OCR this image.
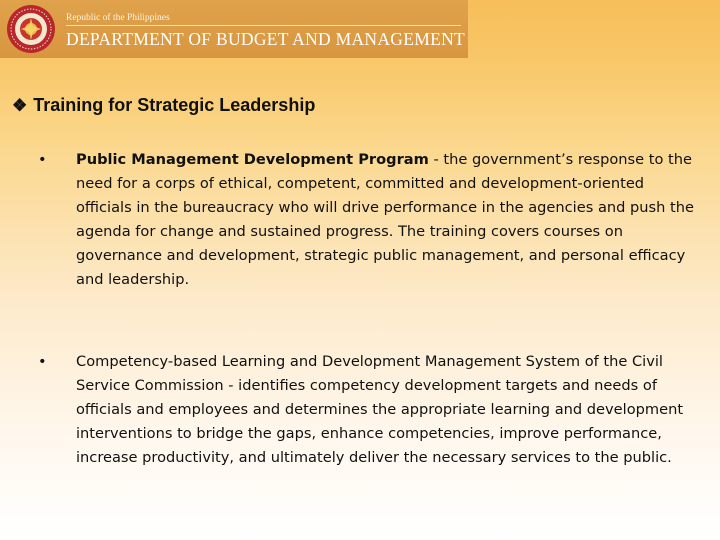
Republic of the Philippines
DEPARTMENT OF BUDGET AND MANAGEMENT
❖ Training for Strategic Leadership
•	Public Management Development Program - the government’s response to the need for a corps of ethical, competent, committed and development-oriented officials in the bureaucracy who will drive performance in the agencies and push the agenda for change and sustained progress. The training covers courses on governance and development, strategic public management, and personal efficacy and leadership.
•	Competency-based Learning and Development Management System of the Civil Service Commission - identifies competency development targets and needs of officials and employees and determines the appropriate learning and development interventions to bridge the gaps, enhance competencies, improve performance, increase productivity, and ultimately deliver the necessary services to the public.
